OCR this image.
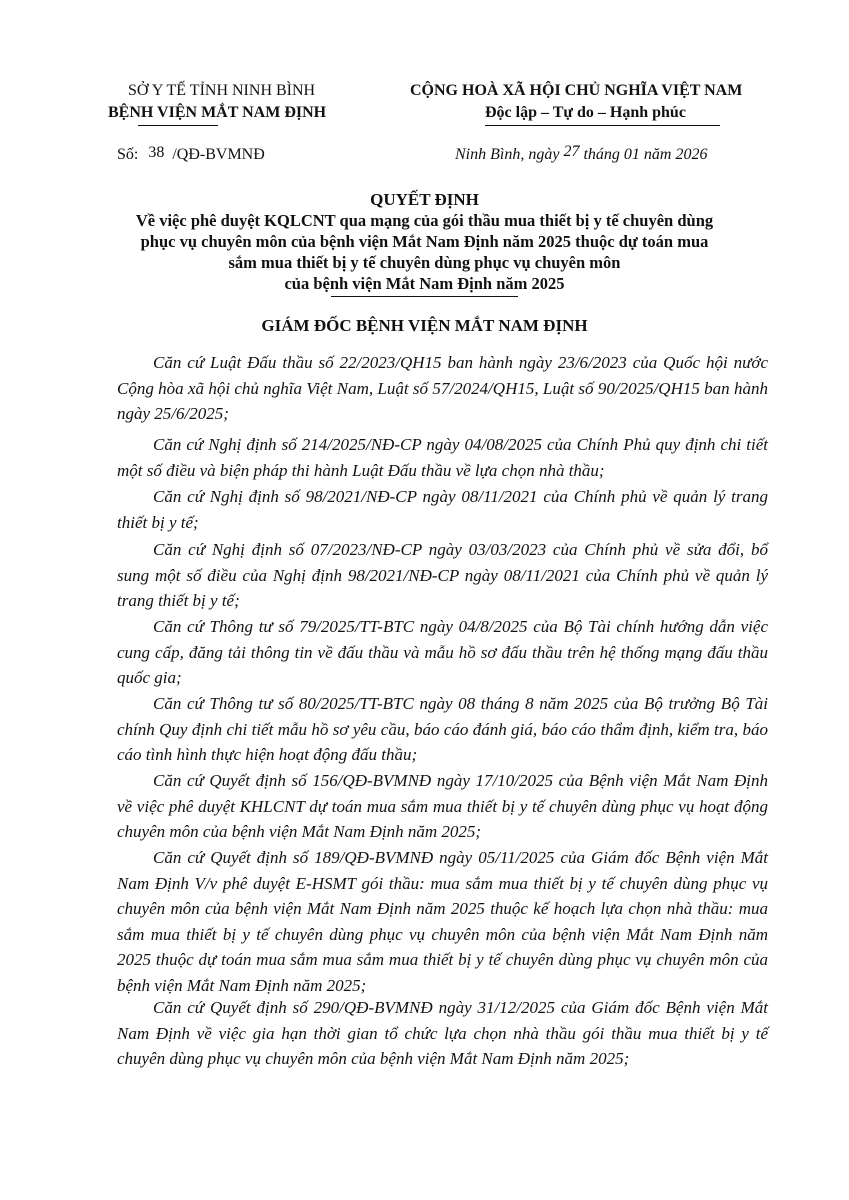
SỞ Y TẾ TỈNH NINH BÌNH
BỆNH VIỆN MẮT NAM ĐỊNH
CỘNG HOÀ XÃ HỘI CHỦ NGHĨA VIỆT NAM
Độc lập – Tự do – Hạnh phúc
Số: 38 /QĐ-BVMNĐ	Ninh Bình, ngày 27 tháng 01 năm 2026
QUYẾT ĐỊNH
Về việc phê duyệt KQLCNT qua mạng của gói thầu mua thiết bị y tế chuyên dùng
phục vụ chuyên môn của bệnh viện Mắt Nam Định năm 2025 thuộc dự toán mua
sắm mua thiết bị y tế chuyên dùng phục vụ chuyên môn
của bệnh viện Mắt Nam Định năm 2025
GIÁM ĐỐC BỆNH VIỆN MẮT NAM ĐỊNH
Căn cứ Luật Đấu thầu số 22/2023/QH15 ban hành ngày 23/6/2023 của Quốc hội nước Cộng hòa xã hội chủ nghĩa Việt Nam, Luật số 57/2024/QH15, Luật số 90/2025/QH15 ban hành ngày 25/6/2025;
Căn cứ Nghị định số 214/2025/NĐ-CP ngày 04/08/2025 của Chính Phủ quy định chi tiết một số điều và biện pháp thi hành Luật Đấu thầu về lựa chọn nhà thầu;
Căn cứ Nghị định số 98/2021/NĐ-CP ngày 08/11/2021 của Chính phủ về quản lý trang thiết bị y tế;
Căn cứ Nghị định số 07/2023/NĐ-CP ngày 03/03/2023 của Chính phủ về sửa đổi, bổ sung một số điều của Nghị định 98/2021/NĐ-CP ngày 08/11/2021 của Chính phủ về quản lý trang thiết bị y tế;
Căn cứ Thông tư số 79/2025/TT-BTC ngày 04/8/2025 của Bộ Tài chính hướng dẫn việc cung cấp, đăng tải thông tin về đấu thầu và mẫu hồ sơ đấu thầu trên hệ thống mạng đấu thầu quốc gia;
Căn cứ Thông tư số 80/2025/TT-BTC ngày 08 tháng 8 năm 2025 của Bộ trưởng Bộ Tài chính Quy định chi tiết mẫu hồ sơ yêu cầu, báo cáo đánh giá, báo cáo thẩm định, kiểm tra, báo cáo tình hình thực hiện hoạt động đấu thầu;
Căn cứ Quyết định số 156/QĐ-BVMNĐ ngày 17/10/2025 của Bệnh viện Mắt Nam Định về việc phê duyệt KHLCNT dự toán mua sắm mua thiết bị y tế chuyên dùng phục vụ hoạt động chuyên môn của bệnh viện Mắt Nam Định năm 2025;
Căn cứ Quyết định số 189/QĐ-BVMNĐ ngày 05/11/2025 của Giám đốc Bệnh viện Mắt Nam Định V/v phê duyệt E-HSMT gói thầu: mua sắm mua thiết bị y tế chuyên dùng phục vụ chuyên môn của bệnh viện Mắt Nam Định năm 2025 thuộc kế hoạch lựa chọn nhà thầu: mua sắm mua thiết bị y tế chuyên dùng phục vụ chuyên môn của bệnh viện Mắt Nam Định năm 2025 thuộc dự toán mua sắm mua sắm mua thiết bị y tế chuyên dùng phục vụ chuyên môn của bệnh viện Mắt Nam Định năm 2025;
Căn cứ Quyết định số 290/QĐ-BVMNĐ ngày 31/12/2025 của Giám đốc Bệnh viện Mắt Nam Định về việc gia hạn thời gian tổ chức lựa chọn nhà thầu gói thầu mua thiết bị y tế chuyên dùng phục vụ chuyên môn của bệnh viện Mắt Nam Định năm 2025;
